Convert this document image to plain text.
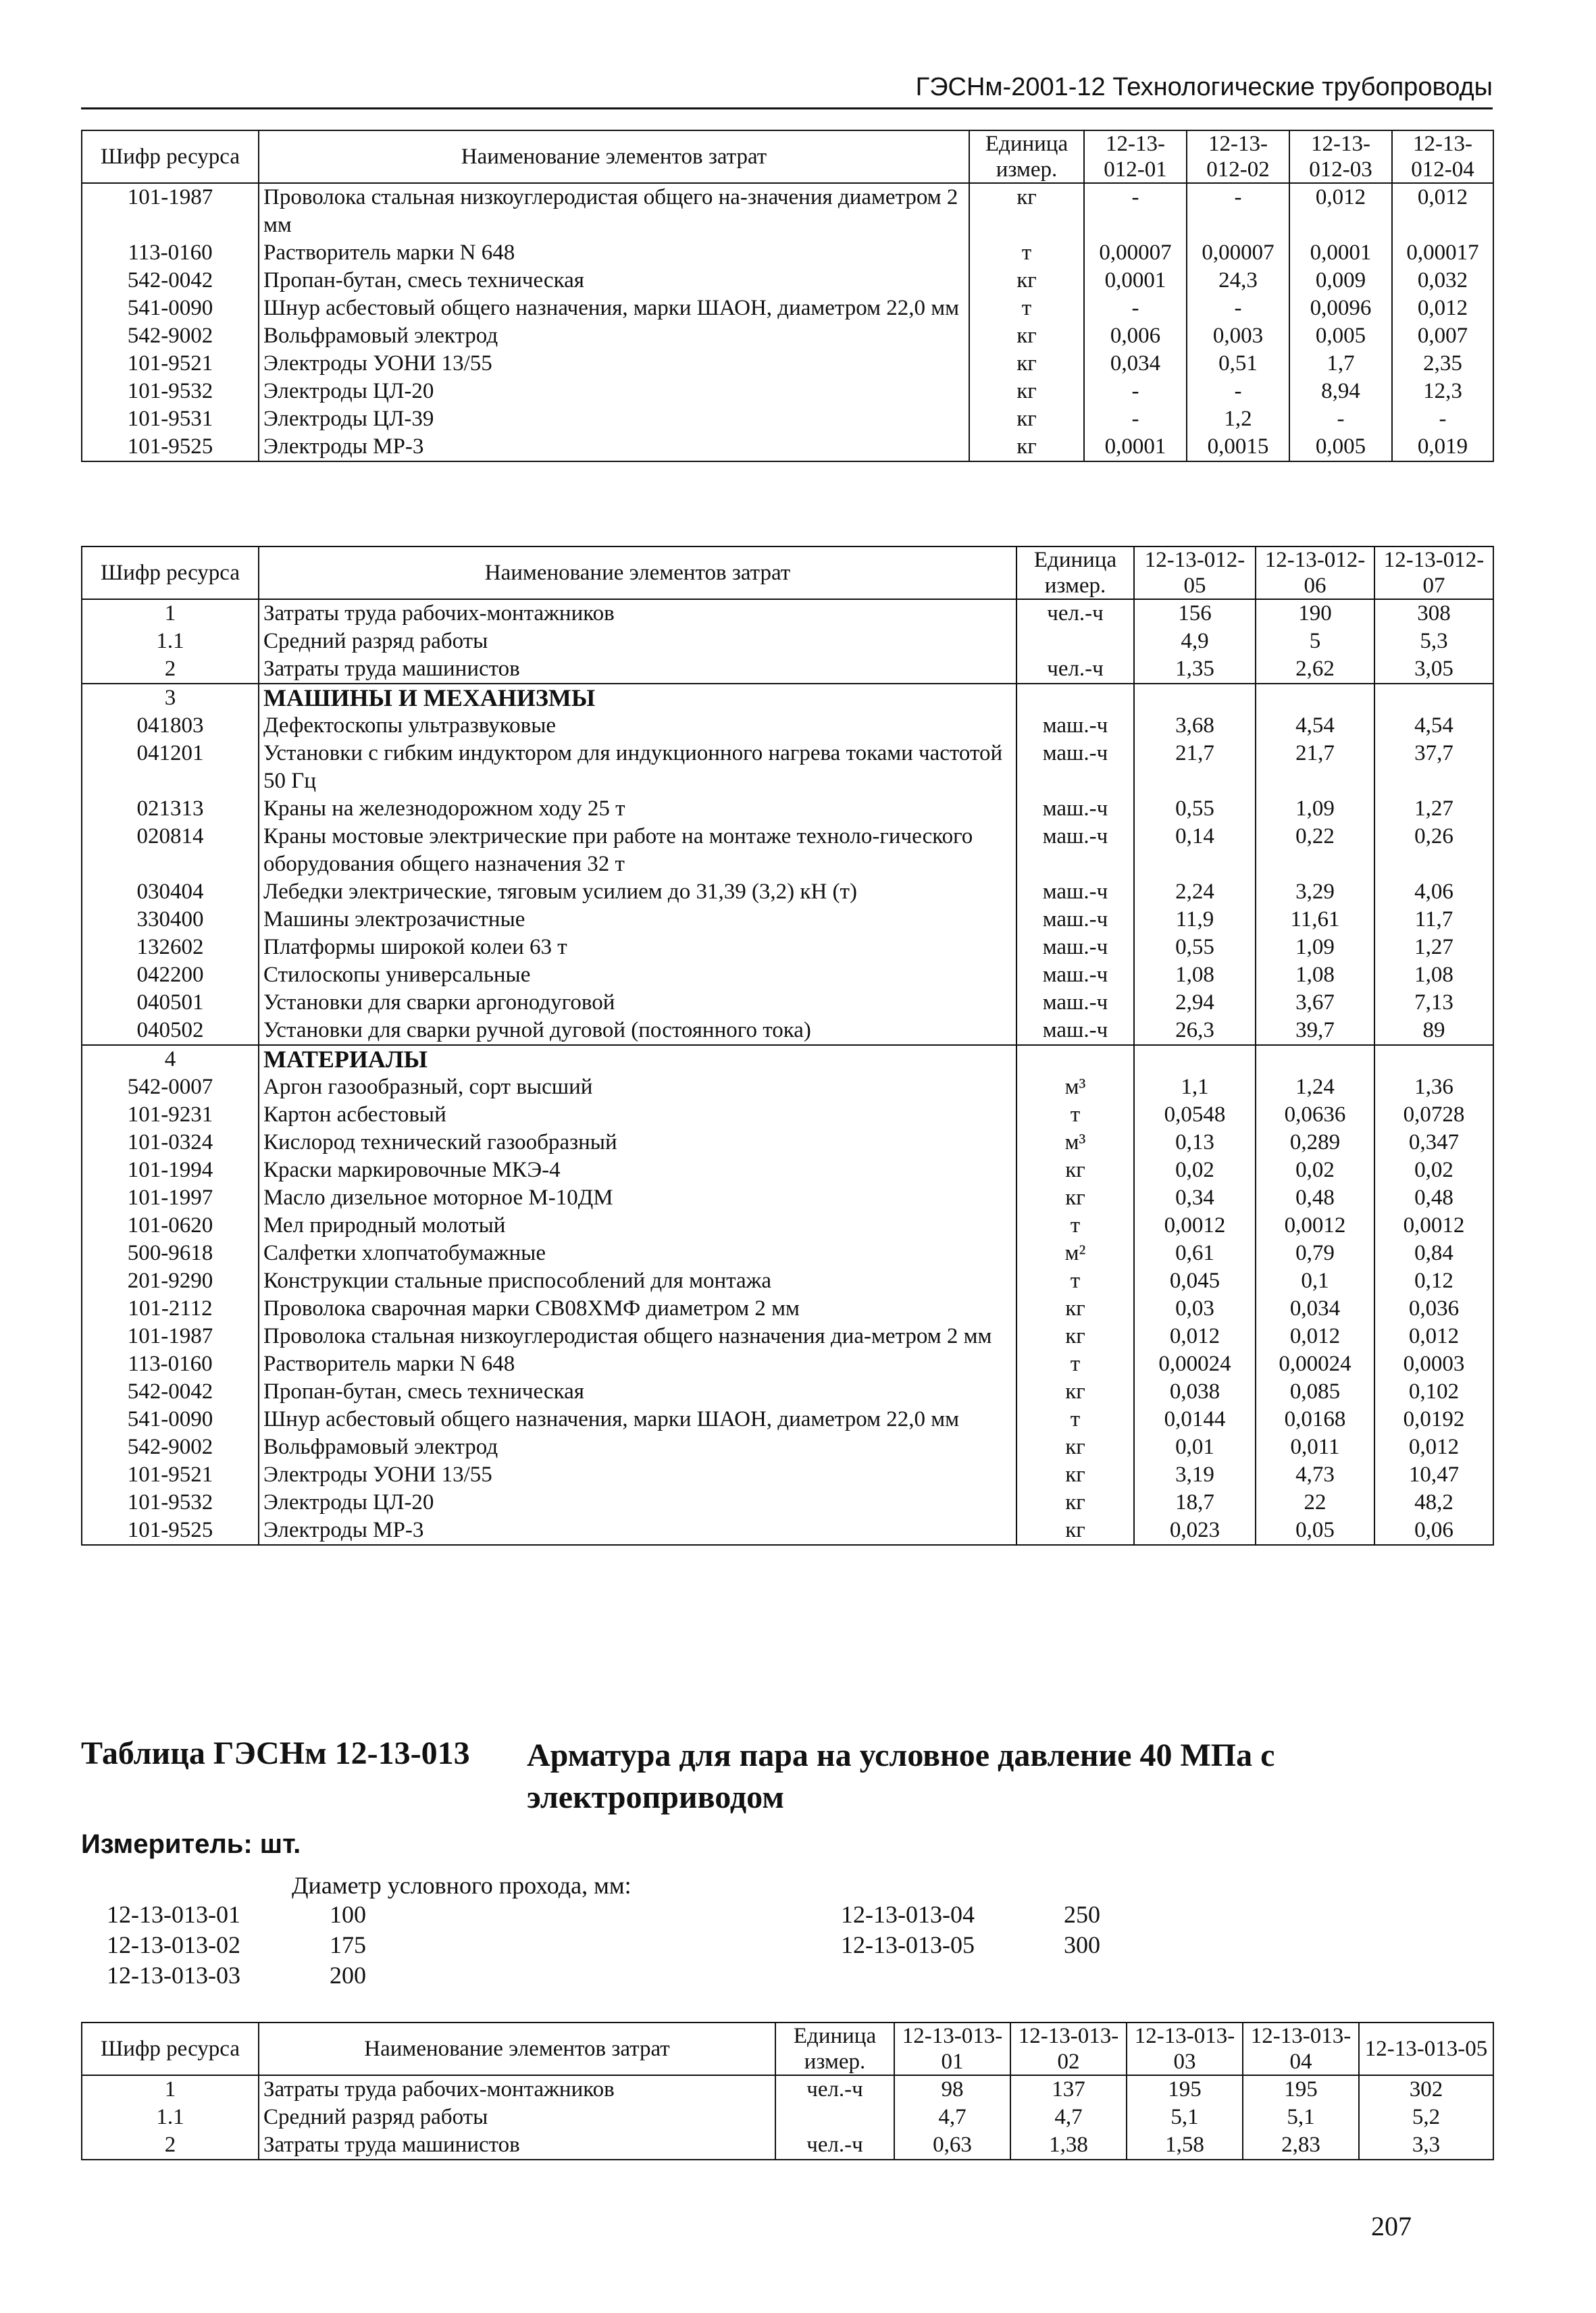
ГЭСНм-2001-12 Технологические трубопроводы
Шифр ресурса	Наименование элементов затрат	Единица измер.	12-13-012-01	12-13-012-02	12-13-012-03	12-13-012-04
101-1987	Проволока стальная низкоуглеродистая общего на-значения диаметром 2 мм	кг	-	-	0,012	0,012
113-0160	Растворитель марки N 648	т	0,00007	0,00007	0,0001	0,00017
542-0042	Пропан-бутан, смесь техническая	кг	0,0001	24,3	0,009	0,032
541-0090	Шнур асбестовый общего назначения, марки ШАОН, диаметром 22,0 мм	т	-	-	0,0096	0,012
542-9002	Вольфрамовый электрод	кг	0,006	0,003	0,005	0,007
101-9521	Электроды УОНИ 13/55	кг	0,034	0,51	1,7	2,35
101-9532	Электроды ЦЛ-20	кг	-	-	8,94	12,3
101-9531	Электроды ЦЛ-39	кг	-	1,2	-	-
101-9525	Электроды МР-3	кг	0,0001	0,0015	0,005	0,019
Шифр ресурса	Наименование элементов затрат	Единица измер.	12-13-012-05	12-13-012-06	12-13-012-07
1	Затраты труда рабочих-монтажников	чел.-ч	156	190	308
1.1	Средний разряд работы		4,9	5	5,3
2	Затраты труда машинистов	чел.-ч	1,35	2,62	3,05
3	МАШИНЫ И МЕХАНИЗМЫ				
041803	Дефектоскопы ультразвуковые	маш.-ч	3,68	4,54	4,54
041201	Установки с гибким индуктором для индукционного нагрева токами частотой 50 Гц	маш.-ч	21,7	21,7	37,7
021313	Краны на железнодорожном ходу 25 т	маш.-ч	0,55	1,09	1,27
020814	Краны мостовые электрические при работе на монтаже техноло-гического оборудования общего назначения 32 т	маш.-ч	0,14	0,22	0,26
030404	Лебедки электрические, тяговым усилием до 31,39 (3,2) кН (т)	маш.-ч	2,24	3,29	4,06
330400	Машины электрозачистные	маш.-ч	11,9	11,61	11,7
132602	Платформы широкой колеи 63 т	маш.-ч	0,55	1,09	1,27
042200	Стилоскопы универсальные	маш.-ч	1,08	1,08	1,08
040501	Установки для сварки аргонодуговой	маш.-ч	2,94	3,67	7,13
040502	Установки для сварки ручной дуговой (постоянного тока)	маш.-ч	26,3	39,7	89
4	МАТЕРИАЛЫ				
542-0007	Аргон газообразный, сорт высший	м³	1,1	1,24	1,36
101-9231	Картон асбестовый	т	0,0548	0,0636	0,0728
101-0324	Кислород технический газообразный	м³	0,13	0,289	0,347
101-1994	Краски маркировочные МКЭ-4	кг	0,02	0,02	0,02
101-1997	Масло дизельное моторное М-10ДМ	кг	0,34	0,48	0,48
101-0620	Мел природный молотый	т	0,0012	0,0012	0,0012
500-9618	Салфетки хлопчатобумажные	м²	0,61	0,79	0,84
201-9290	Конструкции стальные приспособлений для монтажа	т	0,045	0,1	0,12
101-2112	Проволока сварочная марки СВ08ХМФ диаметром 2 мм	кг	0,03	0,034	0,036
101-1987	Проволока стальная низкоуглеродистая общего назначения диа-метром 2 мм	кг	0,012	0,012	0,012
113-0160	Растворитель марки N 648	т	0,00024	0,00024	0,0003
542-0042	Пропан-бутан, смесь техническая	кг	0,038	0,085	0,102
541-0090	Шнур асбестовый общего назначения, марки ШАОН, диаметром 22,0 мм	т	0,0144	0,0168	0,0192
542-9002	Вольфрамовый электрод	кг	0,01	0,011	0,012
101-9521	Электроды УОНИ 13/55	кг	3,19	4,73	10,47
101-9532	Электроды ЦЛ-20	кг	18,7	22	48,2
101-9525	Электроды МР-3	кг	0,023	0,05	0,06
Таблица ГЭСНм 12-13-013 Арматура для пара на условное давление 40 МПа с электроприводом
Измеритель: шт.
Диаметр условного прохода, мм:
12-13-013-01	100
12-13-013-02	175
12-13-013-03	200
12-13-013-04	250
12-13-013-05	300
Шифр ресурса	Наименование элементов затрат	Единица измер.	12-13-013-01	12-13-013-02	12-13-013-03	12-13-013-04	12-13-013-05
1	Затраты труда рабочих-монтажников	чел.-ч	98	137	195	195	302
1.1	Средний разряд работы		4,7	4,7	5,1	5,1	5,2
2	Затраты труда машинистов	чел.-ч	0,63	1,38	1,58	2,83	3,3
207
